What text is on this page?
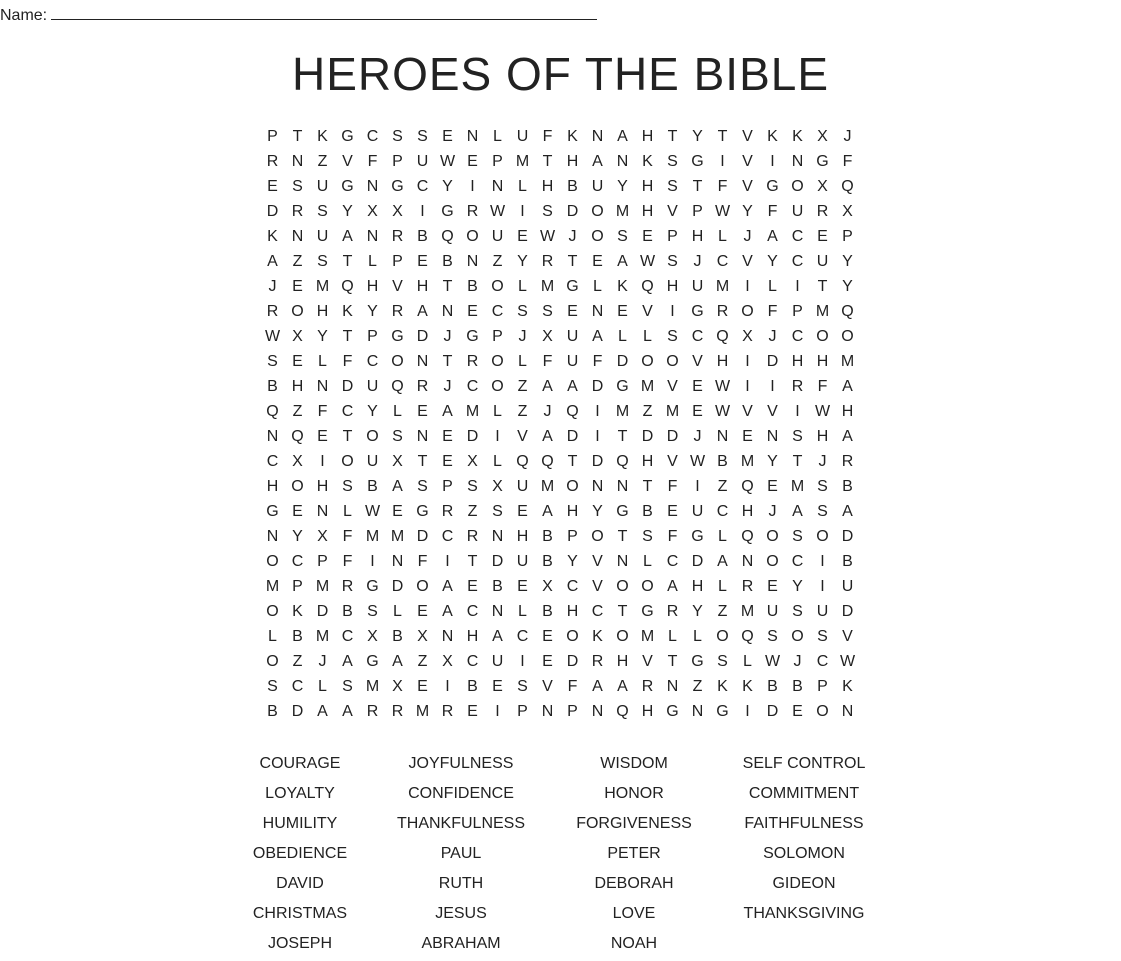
Name:
HEROES OF THE BIBLE
P T K G C S S E N L U F K N A H T Y T V K K X J
R N Z V F P U W E P M T H A N K S G	I	V	I	N G F
E S U G N G C Y	I	N L H B U Y H S T F V G O X Q
D R S Y X X	I	G R W I	S D O M H V P W Y F U R X
K N U A N R B Q O U E W J O S E P H L	J A C E P
A Z S T L P E B N Z Y R T E A W S J C V Y C U Y
J E M Q H V H T B O L M G L K Q H U M	I	L	I	T Y
R O H K Y R A N E C S S E N E V	I	G R O F P M Q
W X Y T P G D J G P J X U A L	L S C Q X J C O O
S E L F C O N T R O L F U F D O O V H	I	D H H M
B H N D U Q R J C O Z A A D G M V E W I	I	R F A
Q Z F C Y L E A M L Z	J Q	I	M Z M E W V V	I W H
N Q E T O S N E D	I	V A D	I	T D D J N E N S H A
C X	I	O U X T E X L Q Q T D Q H V W B M Y T	J R
H O H S B A S P S X U M O N N T F	I	Z Q E M S B
G E N L W E G R Z S E A H Y G B E U C H J A S A
N Y X F M M D C R N H B P O T S F G L Q O S O D
O C P F	I	N F	I	T D U B Y V N L C D A N O C	I	B
M P M R G D O A E B E X C V O O A H L R E Y	I	U
O K D B S L E A C N L B H C T G R Y Z M U S U D
L B M C X B X N H A C E O K O M L	L O Q S O S V
O Z	J A G A Z X C U	I	E D R H V T G S L W J C W
S C L S M X E	I	B E S V F A A R N Z K K B B P K
B D A A R R M R E	I	P N P N Q H G N G	I	D E O N
COURAGE	JOYFULNESS	WISDOM	SELF CONTROL
LOYALTY	CONFIDENCE	HONOR	COMMITMENT
HUMILITY	THANKFULNESS	FORGIVENESS	FAITHFULNESS
OBEDIENCE	PAUL	PETER	SOLOMON
DAVID	RUTH	DEBORAH	GIDEON
CHRISTMAS	JESUS	LOVE	THANKSGIVING
JOSEPH	ABRAHAM	NOAH
